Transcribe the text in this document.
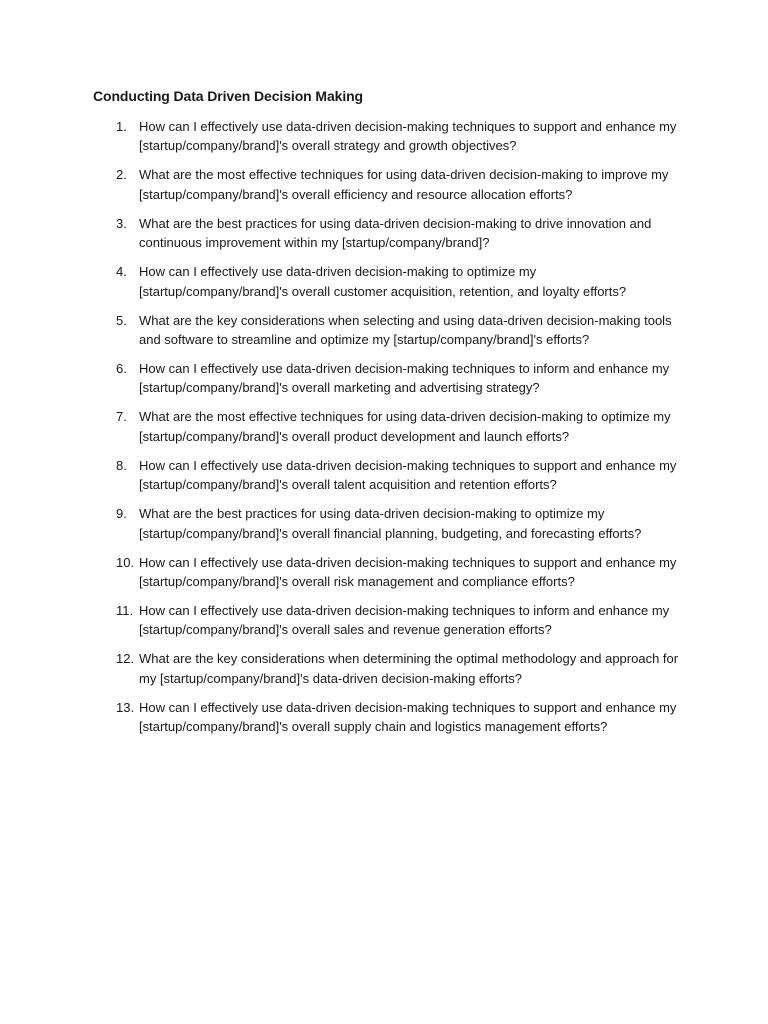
Conducting Data Driven Decision Making
1. How can I effectively use data-driven decision-making techniques to support and enhance my [startup/company/brand]'s overall strategy and growth objectives?
2. What are the most effective techniques for using data-driven decision-making to improve my [startup/company/brand]'s overall efficiency and resource allocation efforts?
3. What are the best practices for using data-driven decision-making to drive innovation and continuous improvement within my [startup/company/brand]?
4. How can I effectively use data-driven decision-making to optimize my [startup/company/brand]'s overall customer acquisition, retention, and loyalty efforts?
5. What are the key considerations when selecting and using data-driven decision-making tools and software to streamline and optimize my [startup/company/brand]'s efforts?
6. How can I effectively use data-driven decision-making techniques to inform and enhance my [startup/company/brand]'s overall marketing and advertising strategy?
7. What are the most effective techniques for using data-driven decision-making to optimize my [startup/company/brand]'s overall product development and launch efforts?
8. How can I effectively use data-driven decision-making techniques to support and enhance my [startup/company/brand]'s overall talent acquisition and retention efforts?
9. What are the best practices for using data-driven decision-making to optimize my [startup/company/brand]'s overall financial planning, budgeting, and forecasting efforts?
10. How can I effectively use data-driven decision-making techniques to support and enhance my [startup/company/brand]'s overall risk management and compliance efforts?
11. How can I effectively use data-driven decision-making techniques to inform and enhance my [startup/company/brand]'s overall sales and revenue generation efforts?
12. What are the key considerations when determining the optimal methodology and approach for my [startup/company/brand]'s data-driven decision-making efforts?
13. How can I effectively use data-driven decision-making techniques to support and enhance my [startup/company/brand]'s overall supply chain and logistics management efforts?
